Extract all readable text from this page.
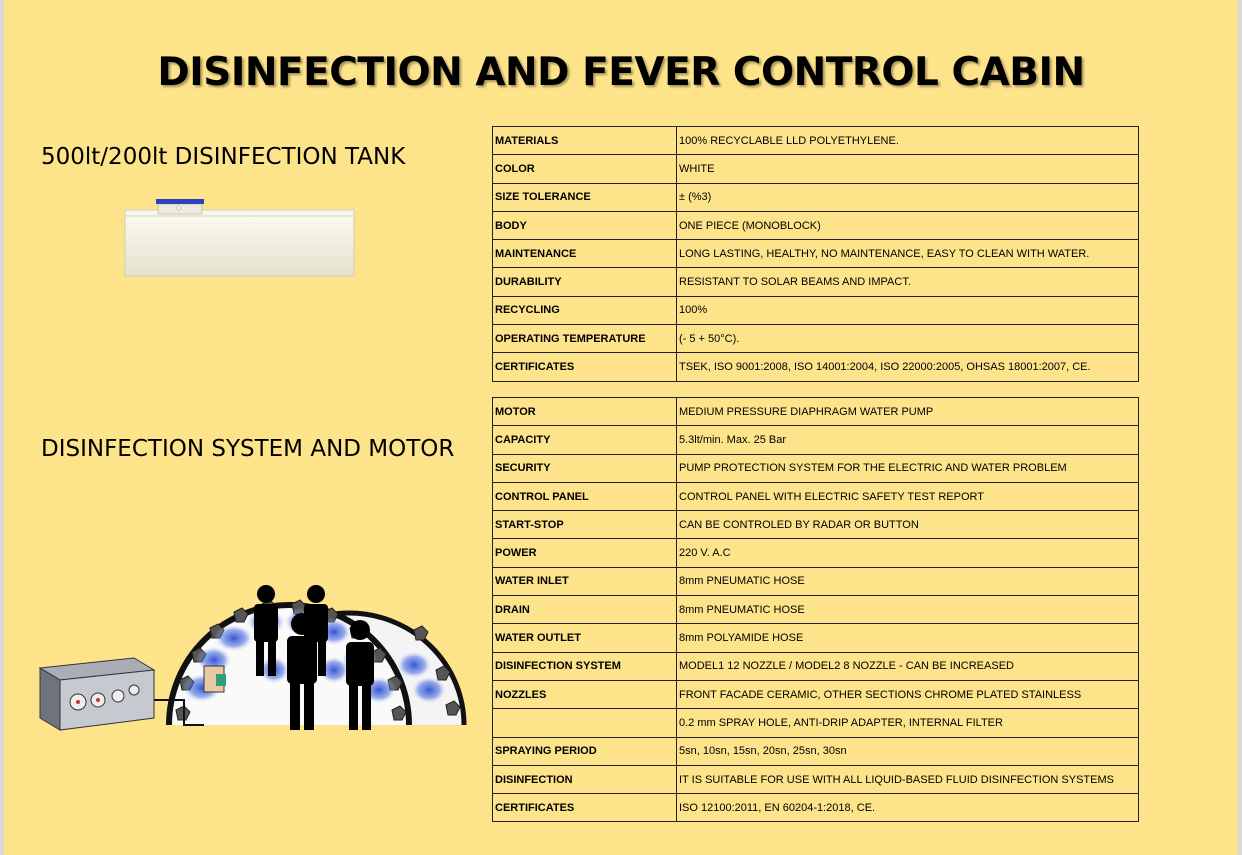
DISINFECTION AND FEVER CONTROL CABIN
500lt/200lt DISINFECTION TANK
DISINFECTION SYSTEM AND MOTOR
MATERIALS	100% RECYCLABLE LLD POLYETHYLENE.
COLOR	WHITE
SIZE TOLERANCE	± (%3)
BODY	ONE PIECE (MONOBLOCK)
MAINTENANCE	LONG LASTING, HEALTHY, NO MAINTENANCE, EASY TO CLEAN WITH WATER.
DURABILITY	RESISTANT TO SOLAR BEAMS AND IMPACT.
RECYCLING	100%
OPERATING TEMPERATURE	(- 5 + 50°C).
CERTIFICATES	TSEK, ISO 9001:2008, ISO 14001:2004, ISO 22000:2005, OHSAS 18001:2007, CE.
MOTOR	MEDIUM PRESSURE DIAPHRAGM WATER PUMP
CAPACITY	5.3lt/min. Max. 25 Bar
SECURITY	PUMP PROTECTION SYSTEM FOR THE ELECTRIC AND WATER PROBLEM
CONTROL PANEL	CONTROL PANEL WITH ELECTRIC SAFETY TEST REPORT
START-STOP	CAN BE CONTROLED BY RADAR OR BUTTON
POWER	220 V. A.C
WATER INLET	8mm PNEUMATIC HOSE
DRAIN	8mm PNEUMATIC HOSE
WATER OUTLET	8mm POLYAMIDE HOSE
DISINFECTION SYSTEM	MODEL1 12 NOZZLE / MODEL2 8 NOZZLE - CAN BE INCREASED
NOZZLES	FRONT FACADE CERAMIC, OTHER SECTIONS CHROME PLATED STAINLESS
	0.2 mm SPRAY HOLE, ANTI-DRIP ADAPTER, INTERNAL FILTER
SPRAYING PERIOD	5sn, 10sn, 15sn, 20sn, 25sn, 30sn
DISINFECTION	IT IS SUITABLE FOR USE WITH ALL LIQUID-BASED FLUID DISINFECTION SYSTEMS
CERTIFICATES	ISO 12100:2011, EN 60204-1:2018, CE.
